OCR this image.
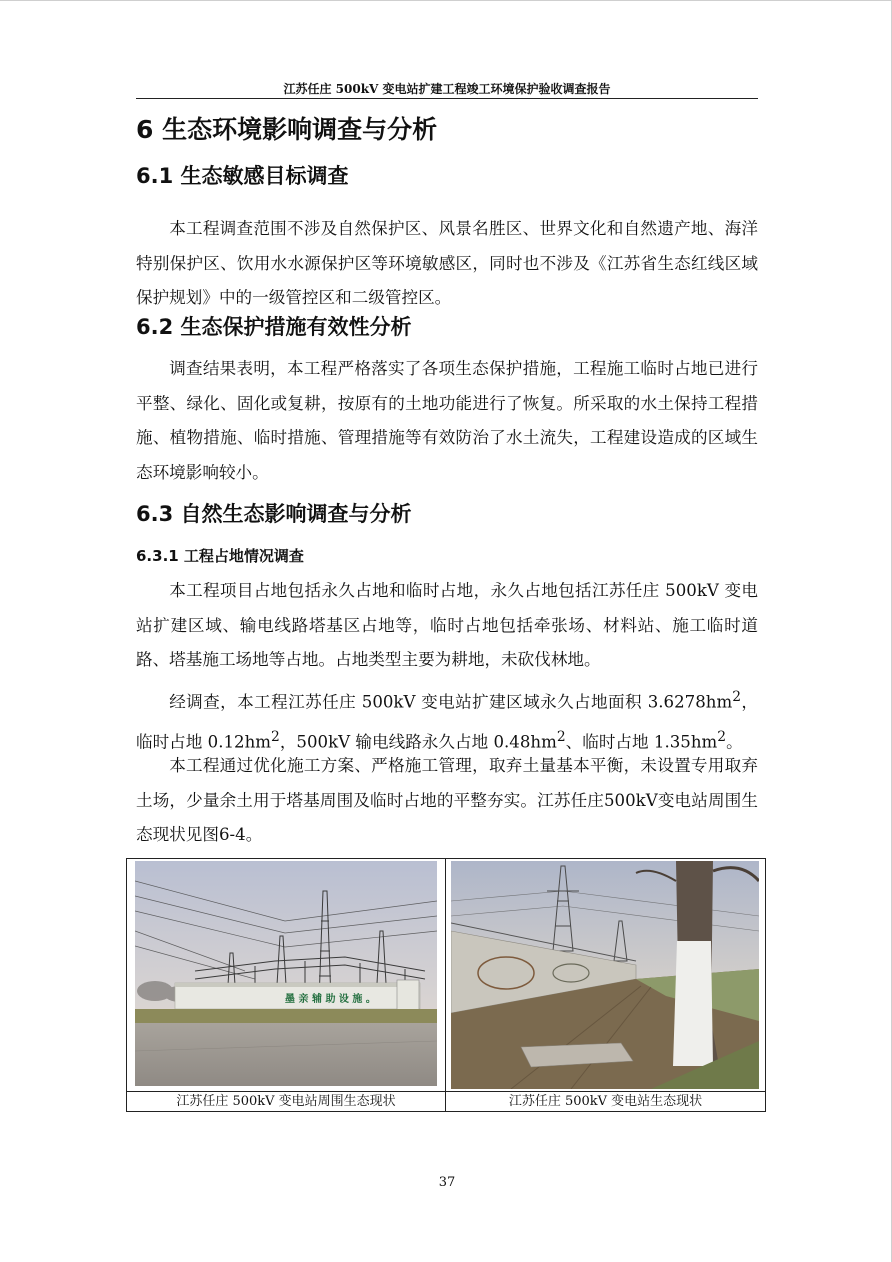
江苏任庄 500kV 变电站扩建工程竣工环境保护验收调查报告
6 生态环境影响调查与分析
6.1 生态敏感目标调查

本工程调查范围不涉及自然保护区、风景名胜区、世界文化和自然遗产地、海洋特别保护区、饮用水水源保护区等环境敏感区，同时也不涉及《江苏省生态红线区域保护规划》中的一级管控区和二级管控区。

6.2 生态保护措施有效性分析

调查结果表明，本工程严格落实了各项生态保护措施，工程施工临时占地已进行平整、绿化、固化或复耕，按原有的土地功能进行了恢复。所采取的水土保持工程措施、植物措施、临时措施、管理措施等有效防治了水土流失，工程建设造成的区域生态环境影响较小。

6.3 自然生态影响调查与分析
6.3.1 工程占地情况调查

本工程项目占地包括永久占地和临时占地，永久占地包括江苏任庄 500kV 变电站扩建区域、输电线路塔基区占地等，临时占地包括牵张场、材料站、施工临时道路、塔基施工场地等占地。占地类型主要为耕地，未砍伐林地。

经调查，本工程江苏任庄 500kV 变电站扩建区域永久占地面积 $3.6278hm^2$，临时占地 $0.12hm^2$，500kV 输电线路永久占地 $0.48hm^2$、临时占地 $1.35hm^2$。

本工程通过优化施工方案、严格施工管理，取弃土量基本平衡，未设置专用取弃土场，少量余土用于塔基周围及临时占地的平整夯实。江苏任庄500kV变电站周围生态现状见图6-4。

墨 亲 辅 助 设 施 。
江苏任庄 500kV 变电站周围生态现状	江苏任庄 500kV 变电站生态现状
37
